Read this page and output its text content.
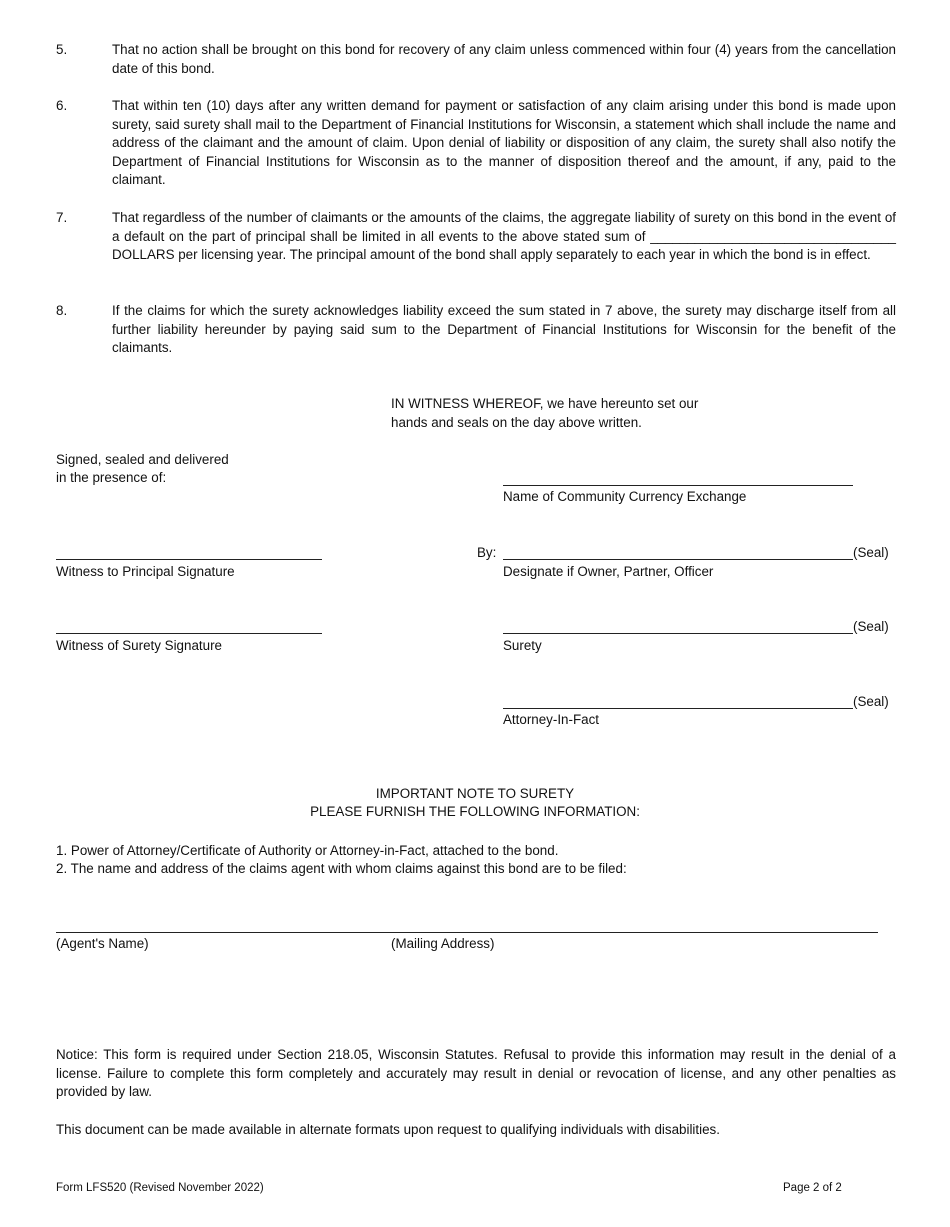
5.	That no action shall be brought on this bond for recovery of any claim unless commenced within four (4) years from the cancellation date of this bond.
6.	That within ten (10) days after any written demand for payment or satisfaction of any claim arising under this bond is made upon surety, said surety shall mail to the Department of Financial Institutions for Wisconsin, a statement which shall include the name and address of the claimant and the amount of claim. Upon denial of liability or disposition of any claim, the surety shall also notify the Department of Financial Institutions for Wisconsin as to the manner of disposition thereof and the amount, if any, paid to the claimant.
7.	That regardless of the number of claimants or the amounts of the claims, the aggregate liability of surety on this bond in the event of a default on the part of principal shall be limited in all events to the above stated sum of _________________________________ DOLLARS per licensing year. The principal amount of the bond shall apply separately to each year in which the bond is in effect.
8.	If the claims for which the surety acknowledges liability exceed the sum stated in 7 above, the surety may discharge itself from all further liability hereunder by paying said sum to the Department of Financial Institutions for Wisconsin for the benefit of the claimants.
IN WITNESS WHEREOF, we have hereunto set our
hands and seals on the day above written.
Signed, sealed and delivered
in the presence of:
Name of Community Currency Exchange
Witness to Principal Signature
By:	(Seal)
Designate if Owner, Partner, Officer
Witness of Surety Signature
(Seal)
Surety
(Seal)
Attorney-In-Fact
IMPORTANT NOTE TO SURETY
PLEASE FURNISH THE FOLLOWING INFORMATION:
1. Power of Attorney/Certificate of Authority or Attorney-in-Fact, attached to the bond.
2. The name and address of the claims agent with whom claims against this bond are to be filed:
(Agent's Name)	(Mailing Address)
Notice: This form is required under Section 218.05, Wisconsin Statutes. Refusal to provide this information may result in the denial of a license. Failure to complete this form completely and accurately may result in denial or revocation of license, and any other penalties as provided by law.
This document can be made available in alternate formats upon request to qualifying individuals with disabilities.
Form LFS520 (Revised November 2022)	Page 2 of 2
